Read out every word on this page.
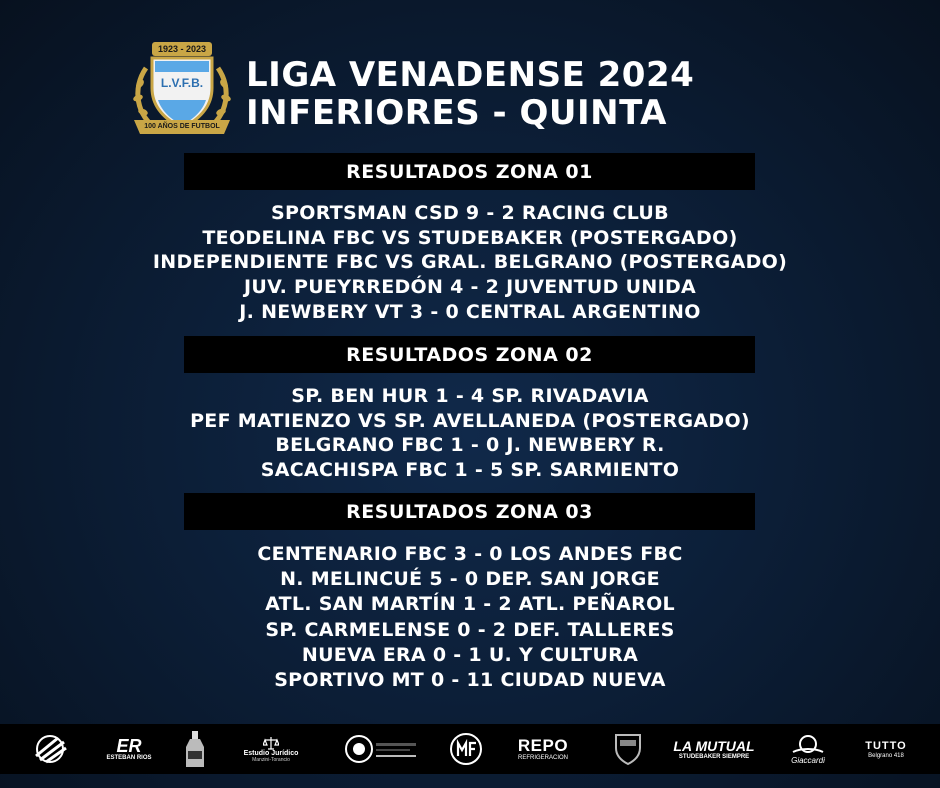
1923 - 2023
L.V.F.B.
100 AÑOS DE FUTBOL
LIGA VENADENSE 2024
INFERIORES - QUINTA
RESULTADOS ZONA 01
SPORTSMAN CSD 9 - 2 RACING CLUB
TEODELINA FBC VS STUDEBAKER (POSTERGADO)
INDEPENDIENTE FBC VS GRAL. BELGRANO (POSTERGADO)
JUV. PUEYRREDÓN 4 - 2 JUVENTUD UNIDA
J. NEWBERY VT 3 - 0 CENTRAL ARGENTINO
RESULTADOS ZONA 02
SP. BEN HUR 1 - 4 SP. RIVADAVIA
PEF MATIENZO VS SP. AVELLANEDA (POSTERGADO)
BELGRANO FBC 1 - 0 J. NEWBERY R.
SACACHISPA FBC 1 - 5 SP. SARMIENTO
RESULTADOS ZONA 03
CENTENARIO FBC 3 - 0 LOS ANDES FBC
N. MELINCUÉ 5 - 0 DEP. SAN JORGE
ATL. SAN MARTÍN 1 - 2 ATL. PEÑAROL
SP. CARMELENSE 0 - 2 DEF. TALLERES
NUEVA ERA 0 - 1 U. Y CULTURA
SPORTIVO MT 0 - 11 CIUDAD NUEVA
ER
ESTEBAN RIOS
Estudio Jurídico
Manzini-Torancio
REPO
REFRIGERACION
LA MUTUAL
STUDEBAKER SIEMPRE	Giaccardi
TUTTO
Belgrano 418
